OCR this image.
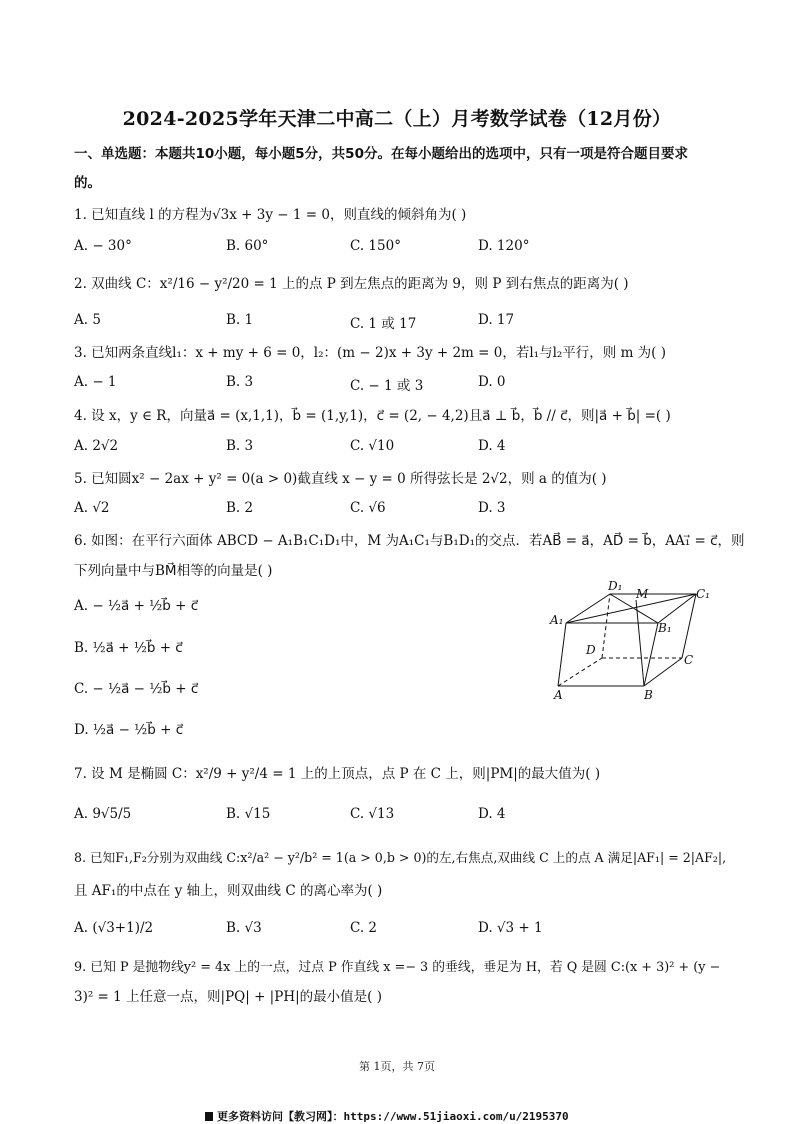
2024-2025学年天津二中高二（上）月考数学试卷（12月份）
一、单选题：本题共10小题，每小题5分，共50分。在每小题给出的选项中，只有一项是符合题目要求
的。
1. 已知直线 l 的方程为√3x + 3y − 1 = 0，则直线的倾斜角为( )
A. − 30°	B. 60°	C. 150°	D. 120°
2. 双曲线 C：x²/16 − y²/20 = 1 上的点 P 到左焦点的距离为 9，则 P 到右焦点的距离为( )
A. 5	B. 1	C. 1 或 17	D. 17
3. 已知两条直线l₁：x + my + 6 = 0，l₂：(m − 2)x + 3y + 2m = 0，若l₁与l₂平行，则 m 为( )
A. − 1	B. 3	C. − 1 或 3	D. 0
4. 设 x，y ∈ R，向量a⃗ = (x,1,1)，b⃗ = (1,y,1)，c⃗ = (2, − 4,2)且a⃗ ⊥ b⃗，b⃗ // c⃗，则|a⃗ + b⃗| =( )
A. 2√2	B. 3	C. √10	D. 4
5. 已知圆x² − 2ax + y² = 0(a > 0)截直线 x − y = 0 所得弦长是 2√2，则 a 的值为( )
A. √2	B. 2	C. √6	D. 3
6. 如图：在平行六面体 ABCD − A₁B₁C₁D₁中，M 为A₁C₁与B₁D₁的交点．若AB⃗ = a⃗，AD⃗ = b⃗，AA₁⃗ = c⃗，则
下列向量中与BM⃗相等的向量是( )
A. − ½a⃗ + ½b⃗ + c⃗
B. ½a⃗ + ½b⃗ + c⃗
C. − ½a⃗ − ½b⃗ + c⃗
D. ½a⃗ − ½b⃗ + c⃗
D₁
M	C₁
A₁
B₁
D
C
A	B
7. 设 M 是椭圆 C：x²/9 + y²/4 = 1 上的上顶点，点 P 在 C 上，则|PM|的最大值为( )
A. 9√5/5	B. √15	C. √13	D. 4
8. 已知F₁,F₂分别为双曲线 C:x²/a² − y²/b² = 1(a > 0,b > 0)的左,右焦点,双曲线 C 上的点 A 满足|AF₁| = 2|AF₂|,
且 AF₁的中点在 y 轴上，则双曲线 C 的离心率为( )
A. (√3+1)/2	B. √3	C. 2	D. √3 + 1
9. 已知 P 是抛物线y² = 4x 上的一点，过点 P 作直线 x =− 3 的垂线，垂足为 H，若 Q 是圆 C:(x + 3)² + (y −
3)² = 1 上任意一点，则|PQ| + |PH|的最小值是( )
第 1页，共 7页
更多资料访问【教习网】：https://www.51jiaoxi.com/u/2195370
